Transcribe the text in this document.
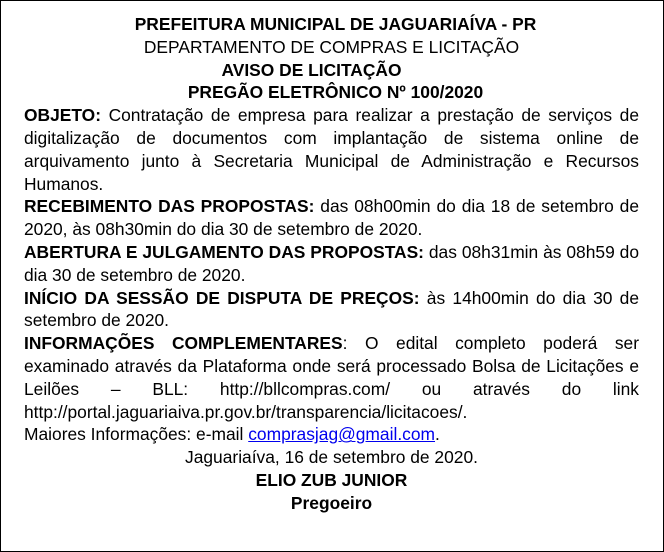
PREFEITURA MUNICIPAL DE JAGUARIAÍVA - PR

DEPARTAMENTO DE COMPRAS E LICITAÇÃO

AVISO DE LICITAÇÃO

PREGÃO ELETRÔNICO Nº 100/2020

OBJETO: Contratação de empresa para realizar a prestação de serviços de digitalização de documentos com implantação de sistema online de arquivamento junto à Secretaria Municipal de Administração e Recursos Humanos.

RECEBIMENTO DAS PROPOSTAS: das 08h00min do dia 18 de setembro de 2020, às 08h30min do dia 30 de setembro de 2020.

ABERTURA E JULGAMENTO DAS PROPOSTAS: das 08h31min às 08h59 do dia 30 de setembro de 2020.

INÍCIO DA SESSÃO DE DISPUTA DE PREÇOS: às 14h00min do dia 30 de setembro de 2020.

INFORMAÇÕES COMPLEMENTARES: O edital completo poderá ser examinado através da Plataforma onde será processado Bolsa de Licitações e Leilões – BLL: http://bllcompras.com/ ou através do link http://portal.jaguariaiva.pr.gov.br/transparencia/licitacoes/.

Maiores Informações: e-mail comprasjag@gmail.com.

Jaguariaíva, 16 de setembro de 2020.

ELIO ZUB JUNIOR

Pregoeiro
